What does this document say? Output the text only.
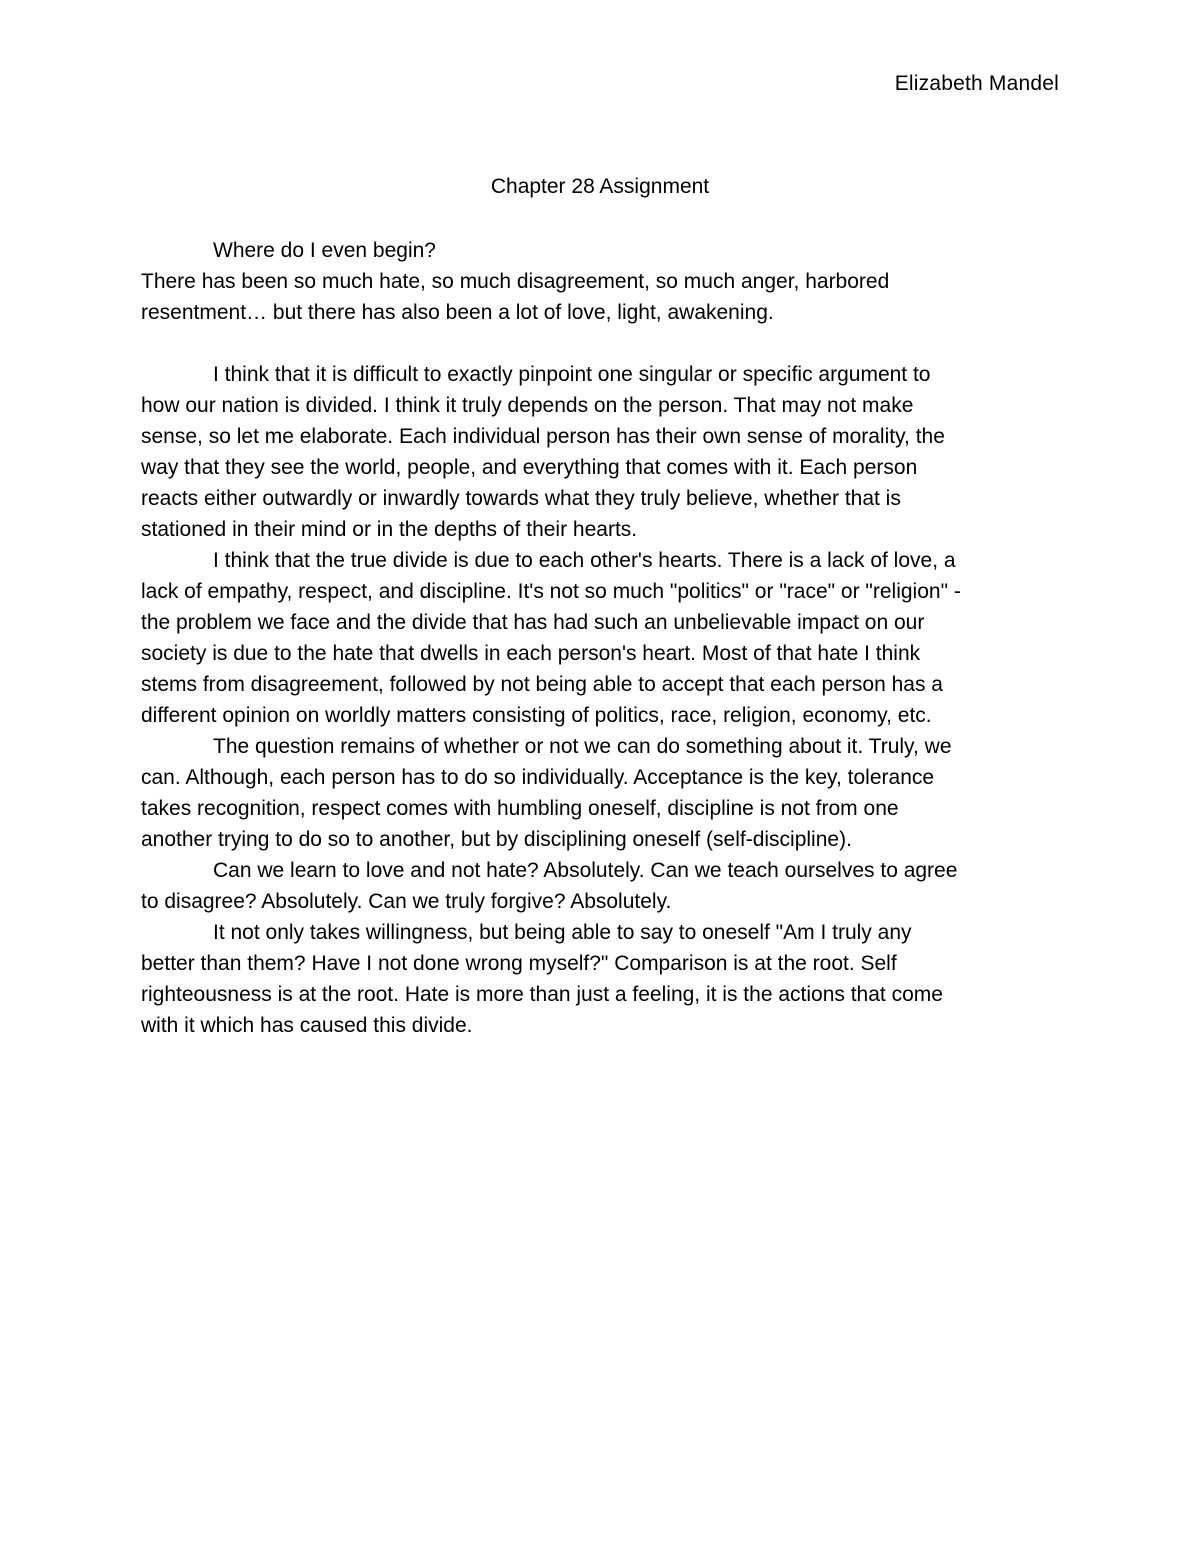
Elizabeth Mandel
Chapter 28 Assignment
Where do I even begin?
There has been so much hate, so much disagreement, so much anger, harbored
resentment… but there has also been a lot of love, light, awakening.
I think that it is difficult to exactly pinpoint one singular or specific argument to
how our nation is divided. I think it truly depends on the person. That may not make
sense, so let me elaborate. Each individual person has their own sense of morality, the
way that they see the world, people, and everything that comes with it. Each person
reacts either outwardly or inwardly towards what they truly believe, whether that is
stationed in their mind or in the depths of their hearts.
I think that the true divide is due to each other's hearts. There is a lack of love, a
lack of empathy, respect, and discipline. It's not so much "politics" or "race" or "religion" -
the problem we face and the divide that has had such an unbelievable impact on our
society is due to the hate that dwells in each person's heart. Most of that hate I think
stems from disagreement, followed by not being able to accept that each person has a
different opinion on worldly matters consisting of politics, race, religion, economy, etc.
The question remains of whether or not we can do something about it. Truly, we
can. Although, each person has to do so individually. Acceptance is the key, tolerance
takes recognition, respect comes with humbling oneself, discipline is not from one
another trying to do so to another, but by disciplining oneself (self-discipline).
Can we learn to love and not hate? Absolutely. Can we teach ourselves to agree
to disagree? Absolutely. Can we truly forgive? Absolutely.
It not only takes willingness, but being able to say to oneself "Am I truly any
better than them? Have I not done wrong myself?" Comparison is at the root. Self
righteousness is at the root. Hate is more than just a feeling, it is the actions that come
with it which has caused this divide.
